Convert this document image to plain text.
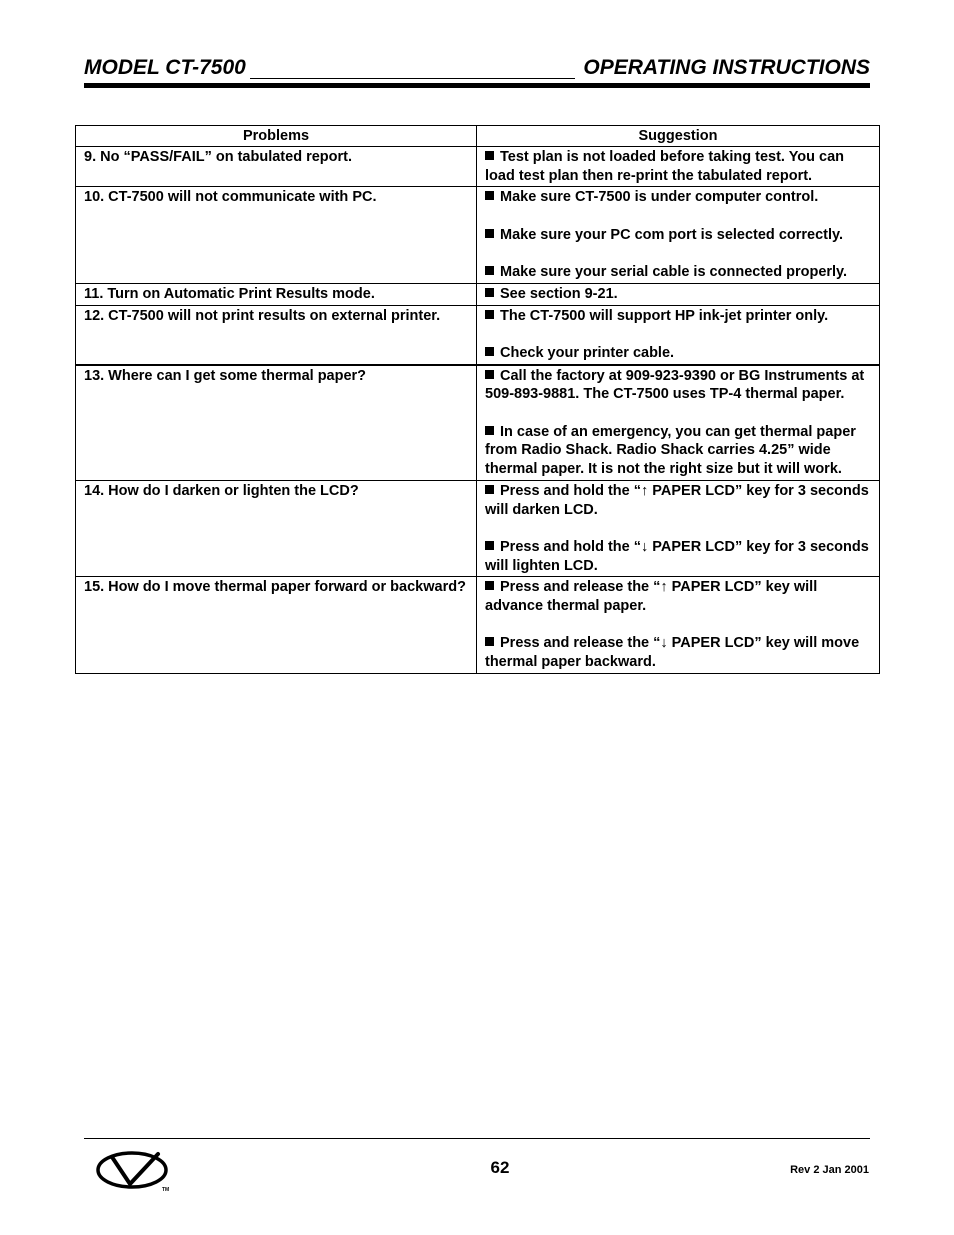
MODEL CT-7500	OPERATING INSTRUCTIONS
Problems	Suggestion
9. No “PASS/FAIL” on tabulated report.	Test plan is not loaded before taking test. You can load test plan then re-print the tabulated report.

10. CT-7500 will not communicate with PC.	Make sure CT-7500 is under computer control.

Make sure your PC com port is selected correctly.

Make sure your serial cable is connected properly.

11. Turn on Automatic Print Results mode.	See section 9-21.

12. CT-7500 will not print results on external printer.	The CT-7500 will support HP ink-jet printer only.

Check your printer cable.

13. Where can I get some thermal paper?	Call the factory at 909-923-9390 or BG Instruments at 509-893-9881. The CT-7500 uses TP-4 thermal paper.

In case of an emergency, you can get thermal paper from Radio Shack. Radio Shack carries 4.25” wide thermal paper. It is not the right size but it will work.

14. How do I darken or lighten the LCD?	Press and hold the “↑ PAPER LCD” key for 3 seconds will darken LCD.

Press and hold the “↓ PAPER LCD” key for 3 seconds will lighten LCD.

15. How do I move thermal paper forward or backward?	Press and release the “↑ PAPER LCD” key will advance thermal paper.

Press and release the “↓ PAPER LCD” key will move thermal paper backward.

TM
62	Rev 2 Jan 2001
